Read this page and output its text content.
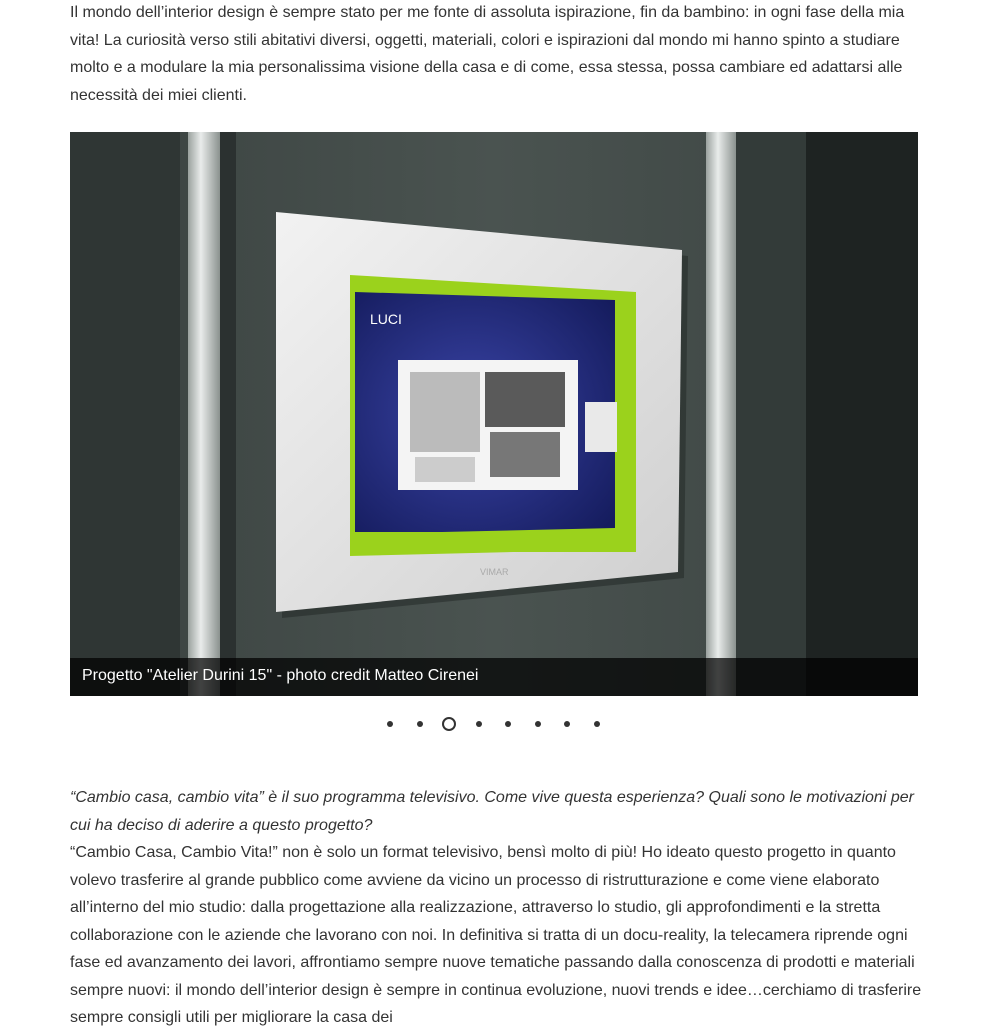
Il mondo dell’interior design è sempre stato per me fonte di assoluta ispirazione, fin da bambino: in ogni fase della mia vita! La curiosità verso stili abitativi diversi, oggetti, materiali, colori e ispirazioni dal mondo mi hanno spinto a studiare molto e a modulare la mia personalissima visione della casa e di come, essa stessa, possa cambiare ed adattarsi alle necessità dei miei clienti.

LUCI
VIMAR
Progetto "Atelier Durini 15" - photo credit Matteo Cirenei

“Cambio casa, cambio vita” è il suo programma televisivo. Come vive questa esperienza? Quali sono le motivazioni per cui ha deciso di aderire a questo progetto?

“Cambio Casa, Cambio Vita!” non è solo un format televisivo, bensì molto di più! Ho ideato questo progetto in quanto volevo trasferire al grande pubblico come avviene da vicino un processo di ristrutturazione e come viene elaborato all’interno del mio studio: dalla progettazione alla realizzazione, attraverso lo studio, gli approfondimenti e la stretta collaborazione con le aziende che lavorano con noi. In definitiva si tratta di un docu-reality, la telecamera riprende ogni fase ed avanzamento dei lavori, affrontiamo sempre nuove tematiche passando dalla conoscenza di prodotti e materiali sempre nuovi: il mondo dell’interior design è sempre in continua evoluzione, nuovi trends e idee…cerchiamo di trasferire sempre consigli utili per migliorare la casa dei
